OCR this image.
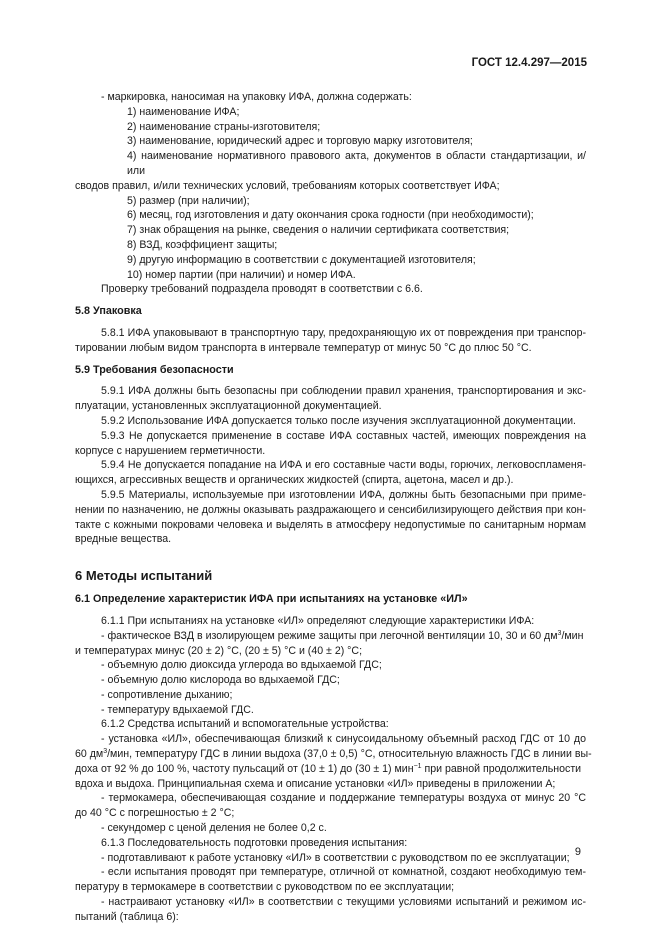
ГОСТ 12.4.297—2015

- маркировка, наносимая на упаковку ИФА, должна содержать:

1) наименование ИФА;

2) наименование страны-изготовителя;

3) наименование, юридический адрес и торговую марку изготовителя;

4) наименование нормативного правового акта, документов в области стандартизации, и/или

сводов правил, и/или технических условий, требованиям которых соответствует ИФА;

5) размер (при наличии);

6) месяц, год изготовления и дату окончания срока годности (при необходимости);

7) знак обращения на рынке, сведения о наличии сертификата соответствия;

8) ВЗД, коэффициент защиты;

9) другую информацию в соответствии с документацией изготовителя;

10) номер партии (при наличии) и номер ИФА.

Проверку требований подраздела проводят в соответствии с 6.6.

5.8 Упаковка

5.8.1 ИФА упаковывают в транспортную тару, предохраняющую их от повреждения при транспор-

тировании любым видом транспорта в интервале температур от минус 50 °С до плюс 50 °С.

5.9 Требования безопасности

5.9.1 ИФА должны быть безопасны при соблюдении правил хранения, транспортирования и экс-

плуатации, установленных эксплуатационной документацией.

5.9.2 Использование ИФА допускается только после изучения эксплуатационной документации.

5.9.3 Не допускается применение в составе ИФА составных частей, имеющих повреждения на

корпусе с нарушением герметичности.

5.9.4 Не допускается попадание на ИФА и его составные части воды, горючих, легковоспламеня-

ющихся, агрессивных веществ и органических жидкостей (спирта, ацетона, масел и др.).

5.9.5 Материалы, используемые при изготовлении ИФА, должны быть безопасными при приме-

нении по назначению, не должны оказывать раздражающего и сенсибилизирующего действия при кон-

такте с кожными покровами человека и выделять в атмосферу недопустимые по санитарным нормам

вредные вещества.

6 Методы испытаний

6.1 Определение характеристик ИФА при испытаниях на установке «ИЛ»

6.1.1 При испытаниях на установке «ИЛ» определяют следующие характеристики ИФА:

- фактическое ВЗД в изолирующем режиме защиты при легочной вентиляции 10, 30 и 60 $дм^3$/мин

и температурах минус (20 ± 2) °С, (20 ± 5) °С и (40 ± 2) °С;

- объемную долю диоксида углерода во вдыхаемой ГДС;

- объемную долю кислорода во вдыхаемой ГДС;

- сопротивление дыханию;

- температуру вдыхаемой ГДС.

6.1.2 Средства испытаний и вспомогательные устройства:

- установка «ИЛ», обеспечивающая близкий к синусоидальному объемный расход ГДС от 10 до

60 $дм^3$/мин, температуру ГДС в линии выдоха (37,0 ± 0,5) °С, относительную влажность ГДС в линии вы-

доха от 92 % до 100 %, частоту пульсаций от (10 ± 1) до (30 ± 1) мин$^{-1}$ при равной продолжительности

вдоха и выдоха. Принципиальная схема и описание установки «ИЛ» приведены в приложении А;

- термокамера, обеспечивающая создание и поддержание температуры воздуха от минус 20 °С

до 40 °С с погрешностью ± 2 °С;

- секундомер с ценой деления не более 0,2 с.

6.1.3 Последовательность подготовки проведения испытания:

- подготавливают к работе установку «ИЛ» в соответствии с руководством по ее эксплуатации;

- если испытания проводят при температуре, отличной от комнатной, создают необходимую тем-

пературу в термокамере в соответствии с руководством по ее эксплуатации;

- настраивают установку «ИЛ» в соответствии с текущими условиями испытаний и режимом ис-

пытаний (таблица 6):

9
